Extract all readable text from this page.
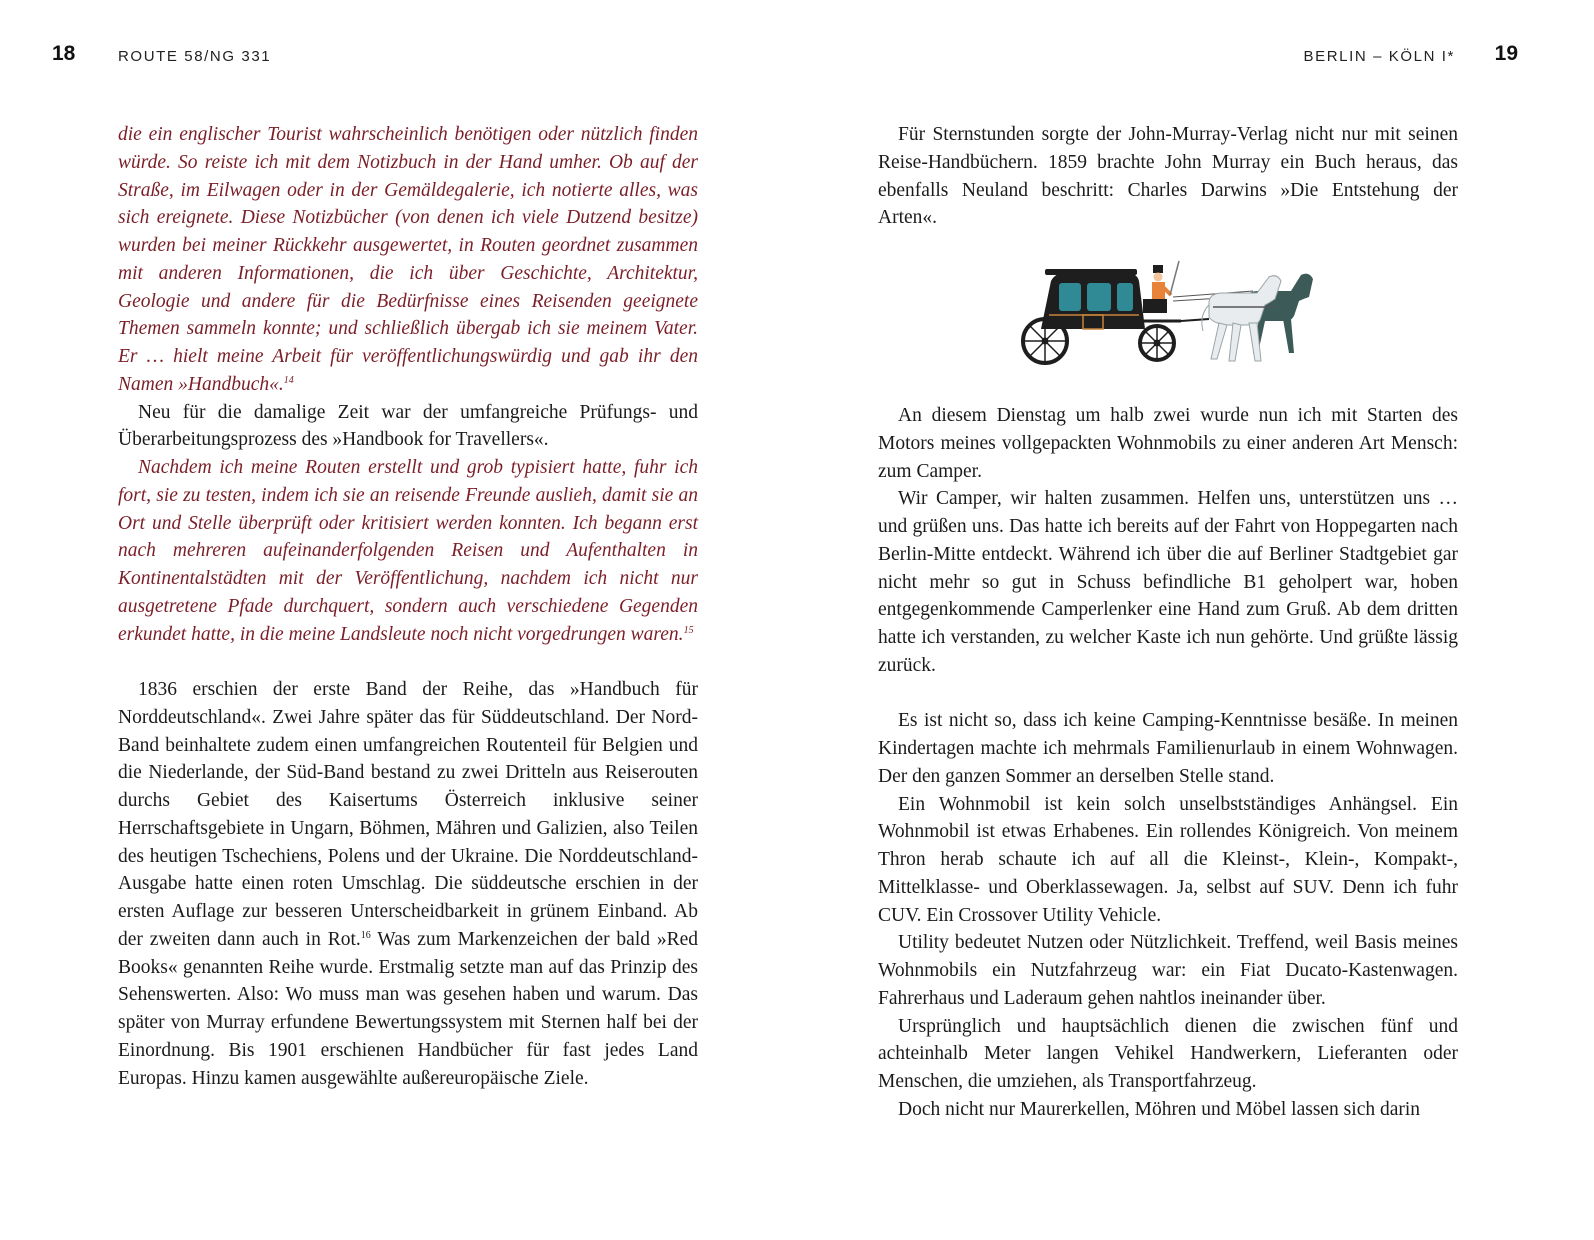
18	ROUTE 58/NG 331

die ein englischer Tourist wahrscheinlich benötigen oder nützlich finden würde. So reiste ich mit dem Notizbuch in der Hand umher. Ob auf der Straße, im Eilwagen oder in der Gemäldegalerie, ich notierte alles, was sich ereignete. Diese Notizbücher (von denen ich viele Dutzend besitze) wurden bei meiner Rückkehr ausgewertet, in Routen geordnet zusammen mit anderen Informationen, die ich über Geschichte, Architektur, Geologie und andere für die Bedürfnisse eines Reisenden geeignete Themen sammeln konnte; und schließlich übergab ich sie meinem Vater. Er … hielt meine Arbeit für veröffentlichungswürdig und gab ihr den Namen »Handbuch«.$^{14}$

Neu für die damalige Zeit war der umfangreiche Prüfungs- und Überarbeitungsprozess des »Handbook for Travellers«.

Nachdem ich meine Routen erstellt und grob typisiert hatte, fuhr ich fort, sie zu testen, indem ich sie an reisende Freunde auslieh, damit sie an Ort und Stelle überprüft oder kritisiert werden konnten. Ich begann erst nach mehreren aufeinanderfolgenden Reisen und Aufenthalten in Kontinentalstädten mit der Veröffentlichung, nachdem ich nicht nur ausgetretene Pfade durchquert, sondern auch verschiedene Gegenden erkundet hatte, in die meine Landsleute noch nicht vorgedrungen waren.$^{15}$

1836 erschien der erste Band der Reihe, das »Handbuch für Norddeutschland«. Zwei Jahre später das für Süddeutschland. Der Nord-Band beinhaltete zudem einen umfangreichen Routenteil für Belgien und die Niederlande, der Süd-Band bestand zu zwei Dritteln aus Reiserouten durchs Gebiet des Kaisertums Österreich inklusive seiner Herrschaftsgebiete in Ungarn, Böhmen, Mähren und Galizien, also Teilen des heutigen Tschechiens, Polens und der Ukraine. Die Norddeutschland-Ausgabe hatte einen roten Umschlag. Die süddeutsche erschien in der ersten Auflage zur besseren Unterscheidbarkeit in grünem Einband. Ab der zweiten dann auch in Rot.$^{16}$ Was zum Markenzeichen der bald »Red Books« genannten Reihe wurde. Erstmalig setzte man auf das Prinzip des Sehenswerten. Also: Wo muss man was gesehen haben und warum. Das später von Murray erfundene Bewertungssystem mit Sternen half bei der Einordnung. Bis 1901 erschienen Handbücher für fast jedes Land Europas. Hinzu kamen ausgewählte außereuropäische Ziele.

BERLIN – KÖLN I* 19

Für Sternstunden sorgte der John-Murray-Verlag nicht nur mit seinen Reise-Handbüchern. 1859 brachte John Murray ein Buch heraus, das ebenfalls Neuland beschritt: Charles Darwins »Die Entstehung der Arten«.

An diesem Dienstag um halb zwei wurde nun ich mit Starten des Motors meines vollgepackten Wohnmobils zu einer anderen Art Mensch: zum Camper.

Wir Camper, wir halten zusammen. Helfen uns, unterstützen uns … und grüßen uns. Das hatte ich bereits auf der Fahrt von Hoppegarten nach Berlin-Mitte entdeckt. Während ich über die auf Berliner Stadtgebiet gar nicht mehr so gut in Schuss befindliche B1 geholpert war, hoben entgegenkommende Camperlenker eine Hand zum Gruß. Ab dem dritten hatte ich verstanden, zu welcher Kaste ich nun gehörte. Und grüßte lässig zurück.

Es ist nicht so, dass ich keine Camping-Kenntnisse besäße. In meinen Kindertagen machte ich mehrmals Familienurlaub in einem Wohnwagen. Der den ganzen Sommer an derselben Stelle stand.

Ein Wohnmobil ist kein solch unselbstständiges Anhängsel. Ein Wohnmobil ist etwas Erhabenes. Ein rollendes Königreich. Von meinem Thron herab schaute ich auf all die Kleinst-, Klein-, Kompakt-, Mittelklasse- und Oberklassewagen. Ja, selbst auf SUV. Denn ich fuhr CUV. Ein Crossover Utility Vehicle.

Utility bedeutet Nutzen oder Nützlichkeit. Treffend, weil Basis meines Wohnmobils ein Nutzfahrzeug war: ein Fiat Ducato-Kastenwagen. Fahrerhaus und Laderaum gehen nahtlos ineinander über.

Ursprünglich und hauptsächlich dienen die zwischen fünf und achteinhalb Meter langen Vehikel Handwerkern, Lieferanten oder Menschen, die umziehen, als Transportfahrzeug.

Doch nicht nur Maurerkellen, Möhren und Möbel lassen sich darin
